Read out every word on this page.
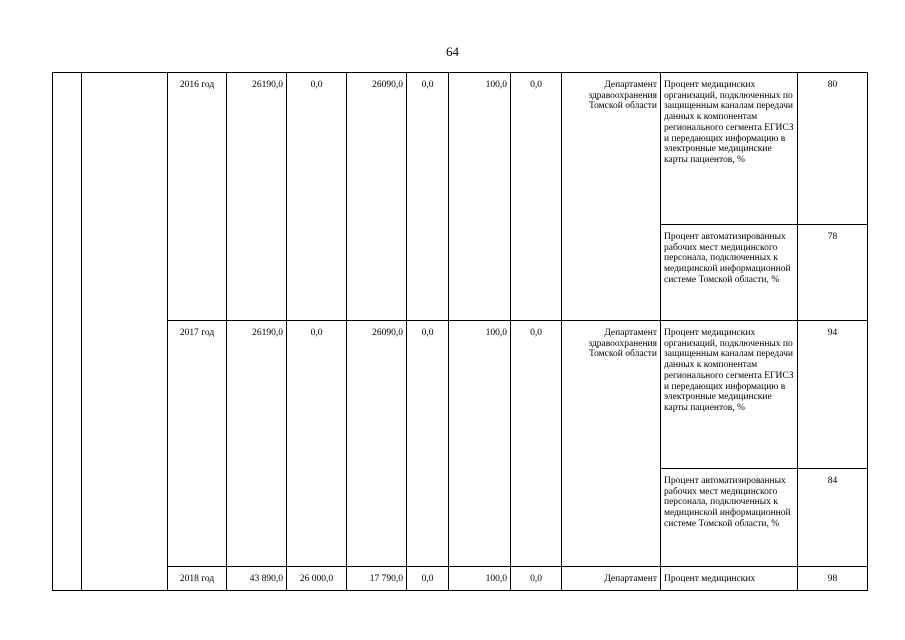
64
		2016 год	26190,0	0,0	26090,0	0,0	100,0	0,0	Департамент здравоохранения Томской области	Процент медицинских организаций, подключенных по защищенным каналам передачи данных к компонентам регионального сегмента ЕГИСЗ и передающих информацию в электронные медицинские карты пациентов, %	80
										Процент автоматизированных рабочих мест медицинского персонала, подключенных к медицинской информационной системе Томской области, %	78
		2017 год	26190,0	0,0	26090,0	0,0	100,0	0,0	Департамент здравоохранения Томской области	Процент медицинских организаций, подключенных по защищенным каналам передачи данных к компонентам регионального сегмента ЕГИСЗ и передающих информацию в электронные медицинские карты пациентов, %	94
										Процент автоматизированных рабочих мест медицинского персонала, подключенных к медицинской информационной системе Томской области, %	84
		2018 год	43 890,0	26 000,0	17 790,0	0,0	100,0	0,0	Департамент	Процент медицинских	98
